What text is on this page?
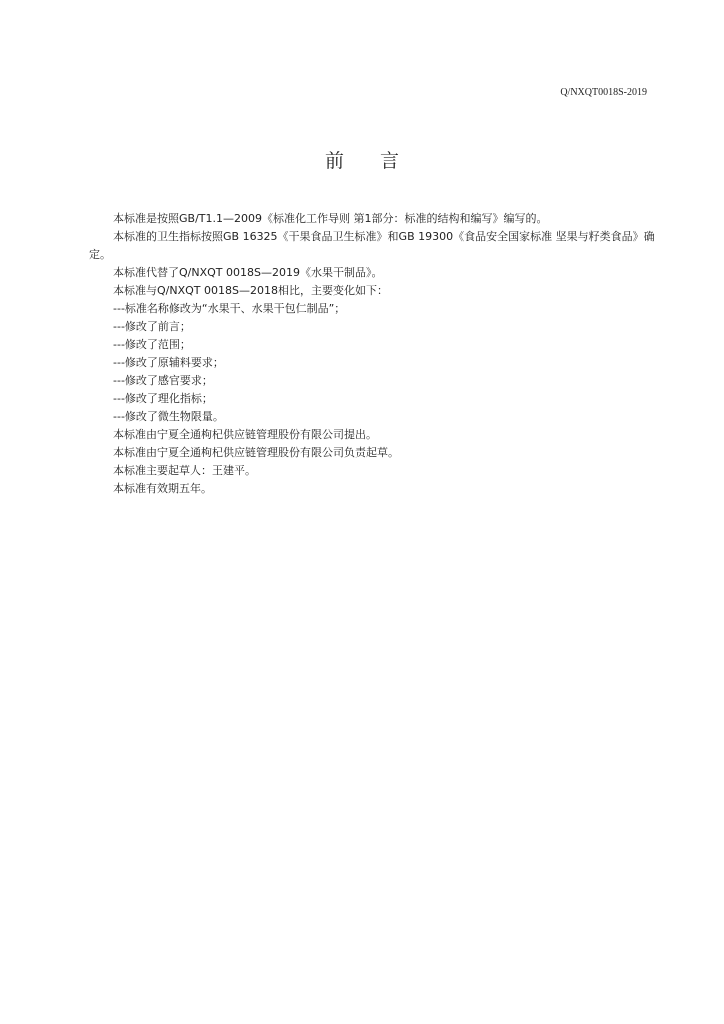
Q/NXQT0018S-2019
前 言

本标准是按照GB/T1.1—2009《标准化工作导则 第1部分：标准的结构和编写》编写的。

本标准的卫生指标按照GB 16325《干果食品卫生标准》和GB 19300《食品安全国家标准 坚果与籽类食品》确定。

本标准代替了Q/NXQT 0018S—2019《水果干制品》。

本标准与Q/NXQT 0018S—2018相比，主要变化如下：

---标准名称修改为“水果干、水果干包仁制品”；

---修改了前言；

---修改了范围；

---修改了原辅料要求；

---修改了感官要求；

---修改了理化指标；

---修改了微生物限量。

本标准由宁夏全通枸杞供应链管理股份有限公司提出。

本标准由宁夏全通枸杞供应链管理股份有限公司负责起草。

本标准主要起草人：王建平。

本标准有效期五年。
